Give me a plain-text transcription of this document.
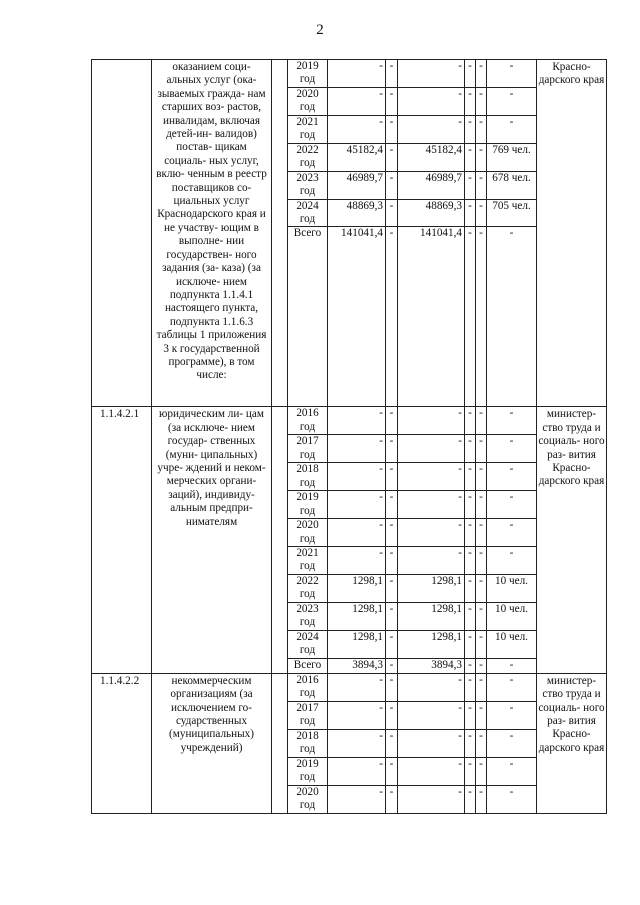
2
	оказанием соци- альных услуг (ока- зываемых гражда- нам старших воз- растов, инвалидам, включая детей-ин- валидов) постав- щикам социаль- ных услуг, вклю- ченным в реестр поставщиков со- циальных услуг Краснодарского края и не участву- ющим в выполне- нии государствен- ного задания (за- каза) (за исключе- нием подпункта 1.1.4.1 настоящего пункта, подпункта 1.1.6.3 таблицы 1 приложения 3 к государственной программе), в том числе:		2019 год	-	-	-	-	-	-	Красно- дарского края
			2020 год	-	-	-	-	-	-	
			2021 год	-	-	-	-	-	-	
			2022 год	45182,4	-	45182,4	-	-	769 чел.	
			2023 год	46989,7	-	46989,7	-	-	678 чел.	
			2024 год	48869,3	-	48869,3	-	-	705 чел.	
			Всего	141041,4	-	141041,4	-	-	-	
1.1.4.2.1	юридическим ли- цам (за исключе- нием государ- ственных (муни- ципальных) учре- ждений и неком- мерческих органи- заций), индивиду- альным предпри- нимателям		2016 год	-	-	-	-	-	-	министер- ство труда и социаль- ного раз- вития Красно- дарского края
			2017 год	-	-	-	-	-	-	
			2018 год	-	-	-	-	-	-	
			2019 год	-	-	-	-	-	-	
			2020 год	-	-	-	-	-	-	
			2021 год	-	-	-	-	-	-	
			2022 год	1298,1	-	1298,1	-	-	10 чел.	
			2023 год	1298,1	-	1298,1	-	-	10 чел.	
			2024 год	1298,1	-	1298,1	-	-	10 чел.	
			Всего	3894,3	-	3894,3	-	-	-	
1.1.4.2.2	некоммерческим организациям (за исключением го- сударственных (муниципальных) учреждений)		2016 год	-	-	-	-	-	-	министер- ство труда и социаль- ного раз- вития Красно- дарского края
			2017 год	-	-	-	-	-	-	
			2018 год	-	-	-	-	-	-	
			2019 год	-	-	-	-	-	-	
			2020 год	-	-	-	-	-	-	
